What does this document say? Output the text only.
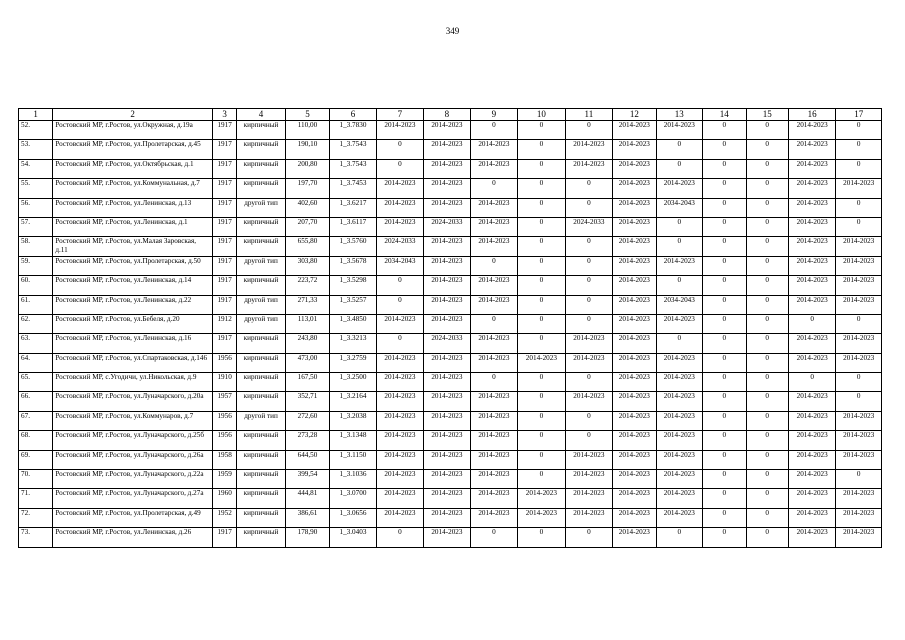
349
1	2	3	4	5	6	7	8	9	10	11	12	13	14	15	16	17
52.	Ростовский МР, г.Ростов, ул.Окружная, д.19а	1917	кирпичный	110,00	1_3.7830	2014-2023	2014-2023	0	0	0	2014-2023	2014-2023	0	0	2014-2023	0
53.	Ростовский МР, г.Ростов, ул.Пролетарская, д.45	1917	кирпичный	190,10	1_3.7543	0	2014-2023	2014-2023	0	2014-2023	2014-2023	0	0	0	2014-2023	0
54.	Ростовский МР, г.Ростов, ул.Октябрьская, д.1	1917	кирпичный	200,80	1_3.7543	0	2014-2023	2014-2023	0	2014-2023	2014-2023	0	0	0	2014-2023	0
55.	Ростовский МР, г.Ростов, ул.Коммунальная, д.7	1917	кирпичный	197,70	1_3.7453	2014-2023	2014-2023	0	0	0	2014-2023	2014-2023	0	0	2014-2023	2014-2023
56.	Ростовский МР, г.Ростов, ул.Ленинская, д.13	1917	другой тип	402,60	1_3.6217	2014-2023	2014-2023	2014-2023	0	0	2014-2023	2034-2043	0	0	2014-2023	0
57.	Ростовский МР, г.Ростов, ул.Ленинская, д.1	1917	кирпичный	207,70	1_3.6117	2014-2023	2024-2033	2014-2023	0	2024-2033	2014-2023	0	0	0	2014-2023	0
58.	Ростовский МР, г.Ростов, ул.Малая Заровская, д.11	1917	кирпичный	655,80	1_3.5760	2024-2033	2014-2023	2014-2023	0	0	2014-2023	0	0	0	2014-2023	2014-2023
59.	Ростовский МР, г.Ростов, ул.Пролетарская, д.50	1917	другой тип	303,80	1_3.5678	2034-2043	2014-2023	0	0	0	2014-2023	2014-2023	0	0	2014-2023	2014-2023
60.	Ростовский МР, г.Ростов, ул.Ленинская, д.14	1917	кирпичный	223,72	1_3.5298	0	2014-2023	2014-2023	0	0	2014-2023	0	0	0	2014-2023	2014-2023
61.	Ростовский МР, г.Ростов, ул.Ленинская, д.22	1917	другой тип	271,33	1_3.5257	0	2014-2023	2014-2023	0	0	2014-2023	2034-2043	0	0	2014-2023	2014-2023
62.	Ростовский МР, г.Ростов, ул.Бебеля, д.20	1912	другой тип	113,01	1_3.4850	2014-2023	2014-2023	0	0	0	2014-2023	2014-2023	0	0	0	0
63.	Ростовский МР, г.Ростов, ул.Ленинская, д.16	1917	кирпичный	243,80	1_3.3213	0	2024-2033	2014-2023	0	2014-2023	2014-2023	0	0	0	2014-2023	2014-2023
64.	Ростовский МР, г.Ростов, ул.Спартаковская, д.146	1956	кирпичный	473,00	1_3.2759	2014-2023	2014-2023	2014-2023	2014-2023	2014-2023	2014-2023	2014-2023	0	0	2014-2023	2014-2023
65.	Ростовский МР, с.Угодичи, ул.Никольская, д.9	1910	кирпичный	167,50	1_3.2500	2014-2023	2014-2023	0	0	0	2014-2023	2014-2023	0	0	0	0
66.	Ростовский МР, г.Ростов, ул.Луначарского, д.20а	1957	кирпичный	352,71	1_3.2164	2014-2023	2014-2023	2014-2023	0	2014-2023	2014-2023	2014-2023	0	0	2014-2023	0
67.	Ростовский МР, г.Ростов, ул.Коммунаров, д.7	1956	другой тип	272,60	1_3.2038	2014-2023	2014-2023	2014-2023	0	0	2014-2023	2014-2023	0	0	2014-2023	2014-2023
68.	Ростовский МР, г.Ростов, ул.Луначарского, д.25б	1956	кирпичный	273,28	1_3.1348	2014-2023	2014-2023	2014-2023	0	0	2014-2023	2014-2023	0	0	2014-2023	2014-2023
69.	Ростовский МР, г.Ростов, ул.Луначарского, д.26а	1958	кирпичный	644,50	1_3.1150	2014-2023	2014-2023	2014-2023	0	2014-2023	2014-2023	2014-2023	0	0	2014-2023	2014-2023
70.	Ростовский МР, г.Ростов, ул.Луначарского, д.22а	1959	кирпичный	399,54	1_3.1036	2014-2023	2014-2023	2014-2023	0	2014-2023	2014-2023	2014-2023	0	0	2014-2023	0
71.	Ростовский МР, г.Ростов, ул.Луначарского, д.27а	1960	кирпичный	444,81	1_3.0700	2014-2023	2014-2023	2014-2023	2014-2023	2014-2023	2014-2023	2014-2023	0	0	2014-2023	2014-2023
72.	Ростовский МР, г.Ростов, ул.Пролетарская, д.49	1952	кирпичный	386,61	1_3.0656	2014-2023	2014-2023	2014-2023	2014-2023	2014-2023	2014-2023	2014-2023	0	0	2014-2023	2014-2023
73.	Ростовский МР, г.Ростов, ул.Ленинская, д.26	1917	кирпичный	178,90	1_3.0403	0	2014-2023	0	0	0	2014-2023	0	0	0	2014-2023	2014-2023
